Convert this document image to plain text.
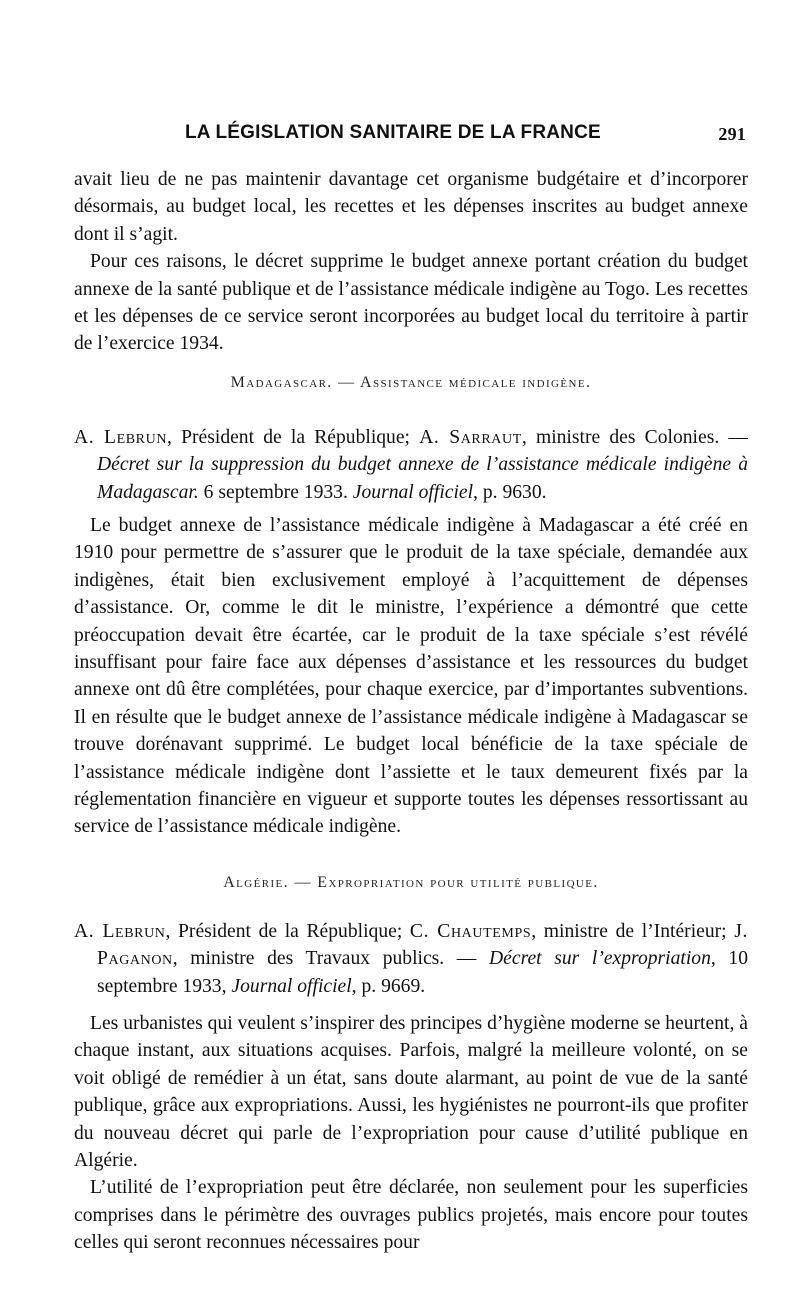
LA LÉGISLATION SANITAIRE DE LA FRANCE	291

avait lieu de ne pas maintenir davantage cet organisme budgétaire et d’incorporer désormais, au budget local, les recettes et les dépenses inscrites au budget annexe dont il s’agit.

Pour ces raisons, le décret supprime le budget annexe portant création du budget annexe de la santé publique et de l’assistance médicale indigène au Togo. Les recettes et les dépenses de ce service seront incorporées au budget local du territoire à partir de l’exercice 1934.

Madagascar. — Assistance médicale indigène.

A. Lebrun, Président de la République; A. Sarraut, ministre des Colonies. — Décret sur la suppression du budget annexe de l’assistance médicale indigène à Madagascar. 6 septembre 1933. Journal officiel, p. 9630.

Le budget annexe de l’assistance médicale indigène à Madagascar a été créé en 1910 pour permettre de s’assurer que le produit de la taxe spéciale, demandée aux indigènes, était bien exclusivement employé à l’acquittement de dépenses d’assistance. Or, comme le dit le ministre, l’expérience a démontré que cette préoccupation devait être écartée, car le produit de la taxe spéciale s’est révélé insuffisant pour faire face aux dépenses d’assistance et les ressources du budget annexe ont dû être complétées, pour chaque exercice, par d’importantes subventions. Il en résulte que le budget annexe de l’assistance médicale indigène à Madagascar se trouve dorénavant supprimé. Le budget local bénéficie de la taxe spéciale de l’assistance médicale indigène dont l’assiette et le taux demeurent fixés par la réglementation financière en vigueur et supporte toutes les dépenses ressortissant au service de l’assistance médicale indigène.

Algérie. — Expropriation pour utilité publique.

A. Lebrun, Président de la République; C. Chautemps, ministre de l’Intérieur; J. Paganon, ministre des Travaux publics. — Décret sur l’expropriation, 10 septembre 1933, Journal officiel, p. 9669.

Les urbanistes qui veulent s’inspirer des principes d’hygiène moderne se heurtent, à chaque instant, aux situations acquises. Parfois, malgré la meilleure volonté, on se voit obligé de remédier à un état, sans doute alarmant, au point de vue de la santé publique, grâce aux expropriations. Aussi, les hygiénistes ne pourront-ils que profiter du nouveau décret qui parle de l’expropriation pour cause d’utilité publique en Algérie.

L’utilité de l’expropriation peut être déclarée, non seulement pour les superficies comprises dans le périmètre des ouvrages publics projetés, mais encore pour toutes celles qui seront reconnues nécessaires pour
